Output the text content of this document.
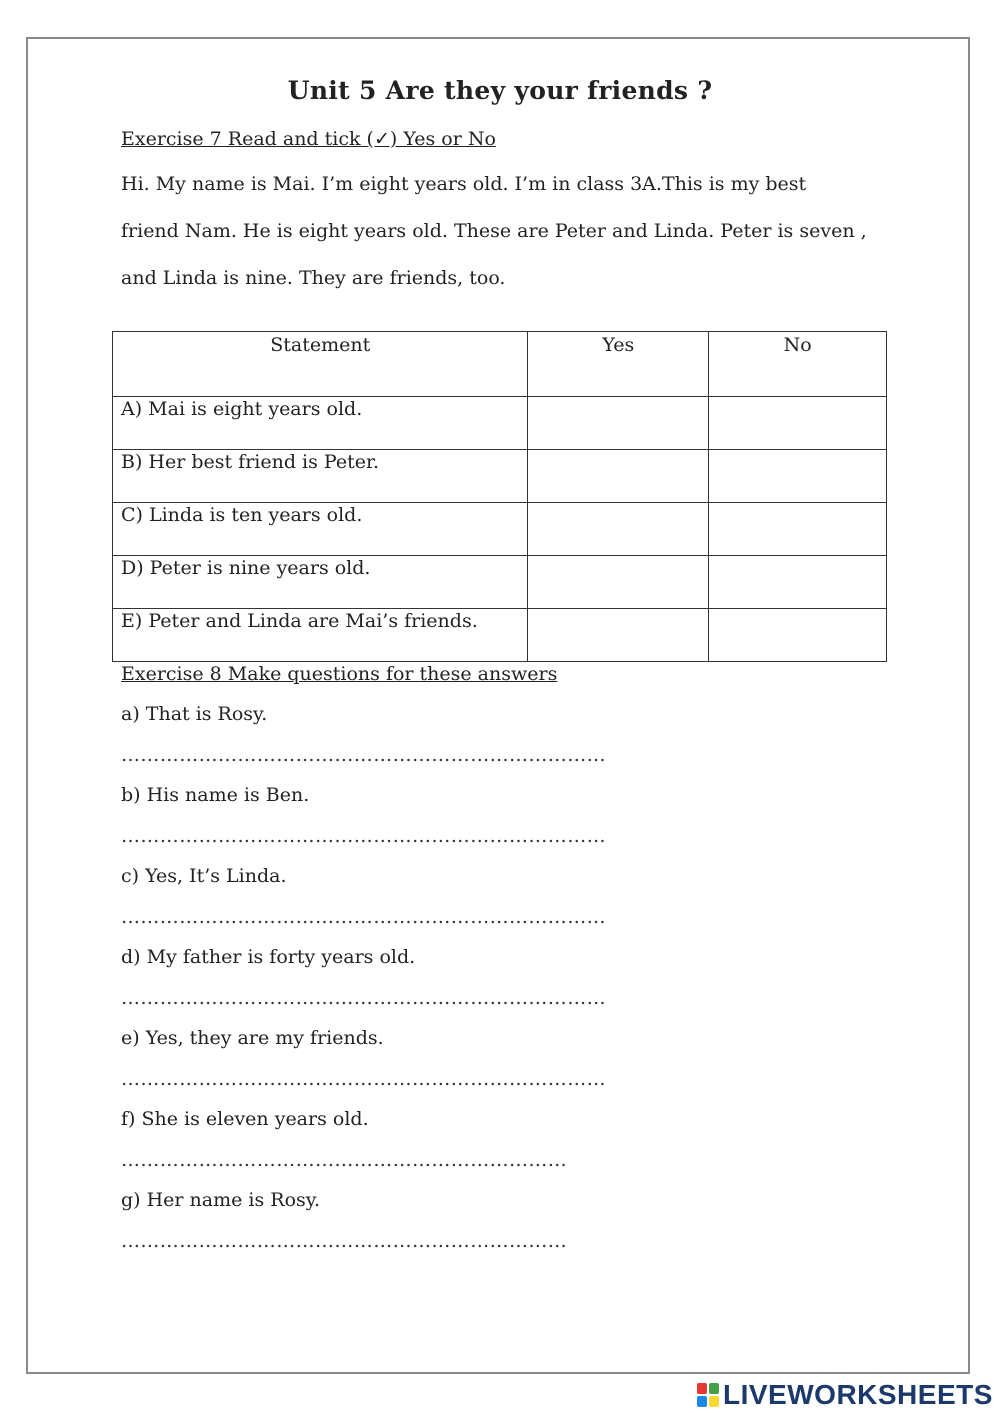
Unit 5 Are they your friends ?
Exercise 7 Read and tick (✓) Yes or No
Hi. My name is Mai. I’m eight years old. I’m in class 3A.This is my best
friend Nam. He is eight years old. These are Peter and Linda. Peter is seven ,
and Linda is nine. They are friends, too.
Statement	Yes	No
A) Mai is eight years old.		
B) Her best friend is Peter.		
C) Linda is ten years old.		
D) Peter is nine years old.		
E) Peter and Linda are Mai’s friends.		
Exercise 8 Make questions for these answers
a) That is Rosy.
…………………………………………………………………
b) His name is Ben.
…………………………………………………………………
c) Yes, It’s Linda.
…………………………………………………………………
d) My father is forty years old.
…………………………………………………………………
e) Yes, they are my friends.
…………………………………………………………………
f) She is eleven years old.
……………………………………………………………
g) Her name is Rosy.
……………………………………………………………
LIVEWORKSHEETS
